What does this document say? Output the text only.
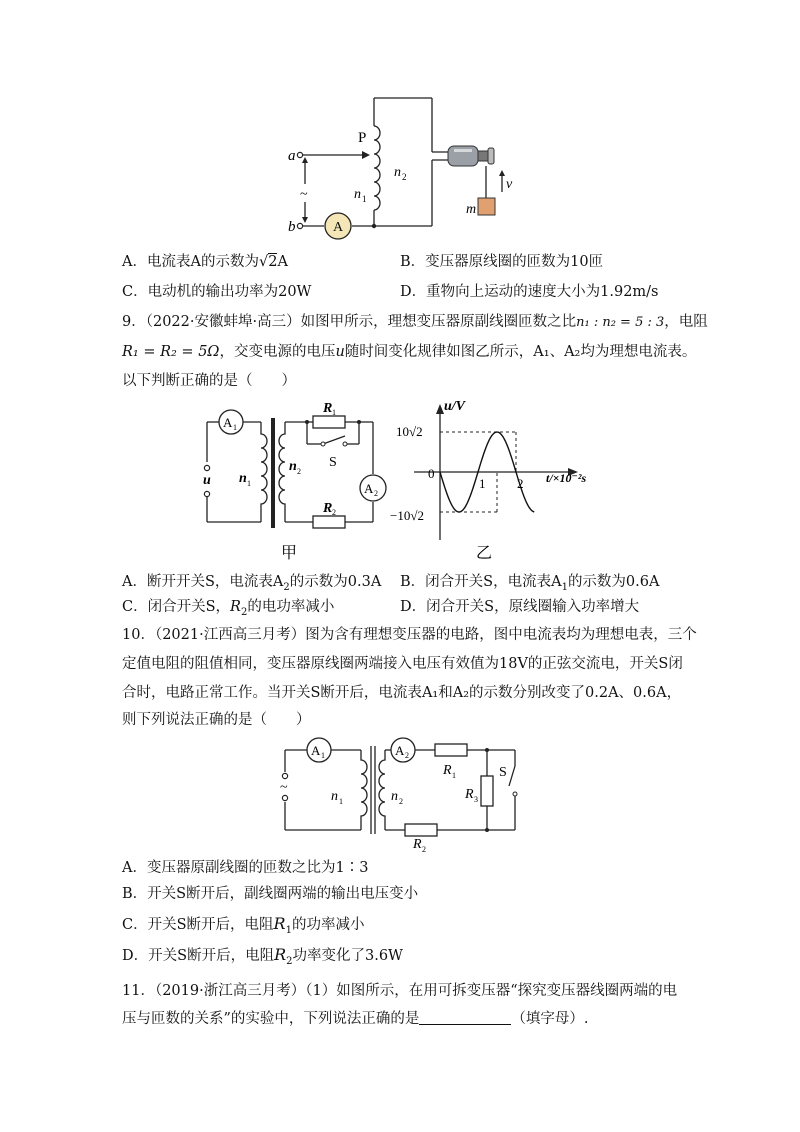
A
a
b
~
P
n 1
n 2
m
v
A．电流表A的示数为√2A	B．变压器原线圈的匝数为10匝
C．电动机的输出功率为20W	D．重物向上运动的速度大小为1.92m/s
9．（2022·安徽蚌埠·高三）如图甲所示，理想变压器原副线圈匝数之比n₁ : n₂ = 5 : 3，电阻
R₁ = R₂ = 5Ω，交变电源的电压u随时间变化规律如图乙所示，A₁、A₂均为理想电流表。
以下判断正确的是（　　）
A 1
A 2
u n 1
n 2
R 1
R 2
S
甲
u/V
10√2
0
−10√2
1 2 t/×10⁻²s
乙
A．断开开关S，电流表$A_2$的示数为0.3A B．闭合开关S，电流表$A_1$的示数为0.6A
C．闭合开关S，$R_2$的电功率减小	D．闭合开关S，原线圈输入功率增大
10．（2021·江西高三月考）图为含有理想变压器的电路，图中电流表均为理想电表，三个
定值电阻的阻值相同，变压器原线圈两端接入电压有效值为18V的正弦交流电，开关S闭
合时，电路正常工作。当开关S断开后，电流表A₁和A₂的示数分别改变了0.2A、0.6A，
则下列说法正确的是（　　）
A 1	A 2
~
n 1	n 2
R 1
R 3
R 2
S
A．变压器原副线圈的匝数之比为1∶3
B．开关S断开后，副线圈两端的输出电压变小
C．开关S断开后，电阻$R_1$的功率减小
D．开关S断开后，电阻$R_2$功率变化了3.6W
11．（2019·浙江高三月考）（1）如图所示，在用可拆变压器“探究变压器线圈两端的电
压与匝数的关系”的实验中，下列说法正确的是	（填字母）.
